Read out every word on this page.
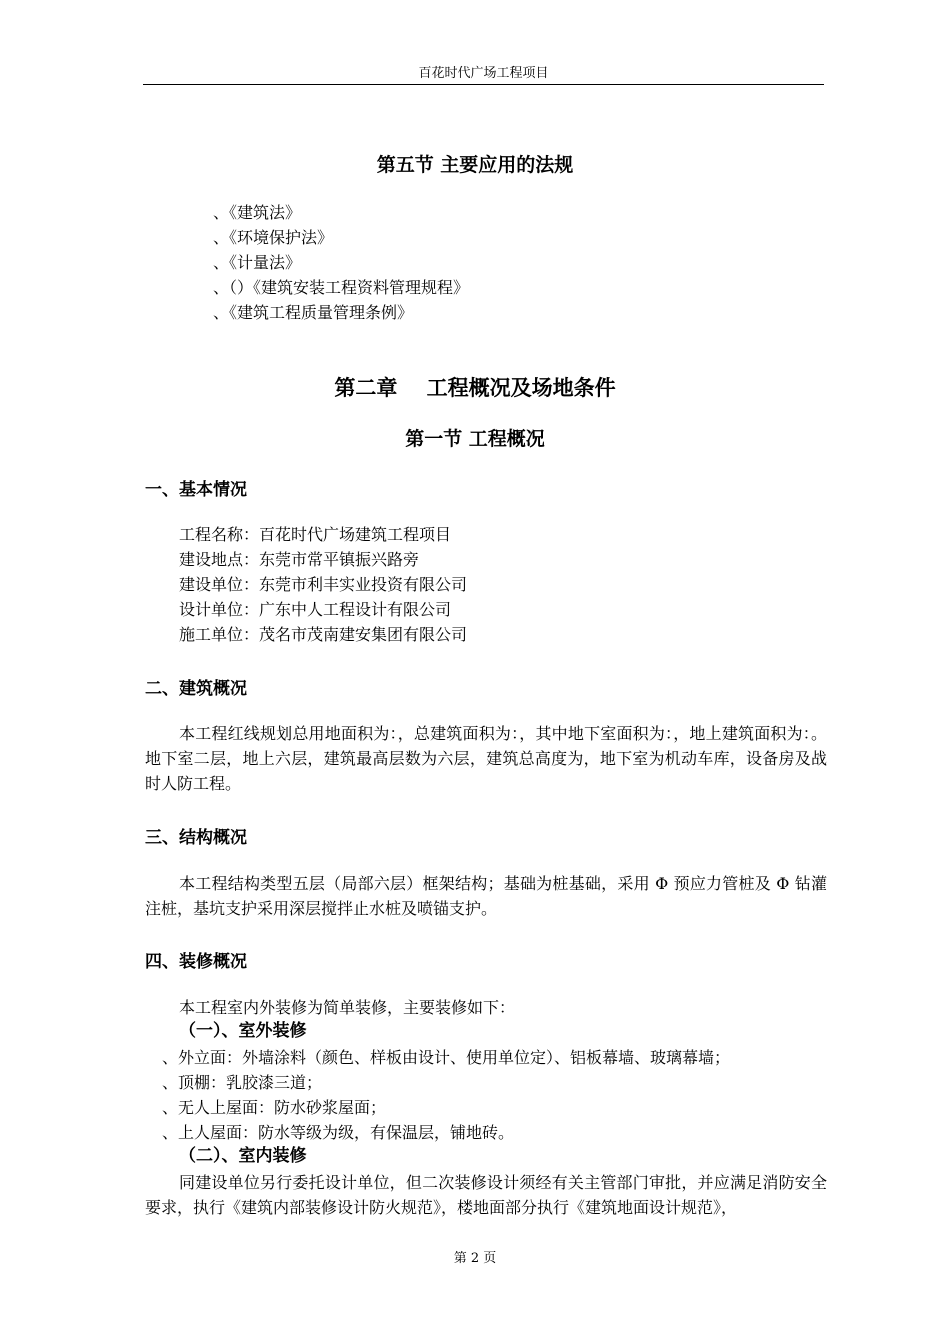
百花时代广场工程项目
第五节 主要应用的法规
、《建筑法》
、《环境保护法》
、《计量法》
、（）《建筑安装工程资料管理规程》
、《建筑工程质量管理条例》
第二章    工程概况及场地条件
第一节 工程概况
一、基本情况
工程名称：百花时代广场建筑工程项目
建设地点：东莞市常平镇振兴路旁
建设单位：东莞市利丰实业投资有限公司
设计单位：广东中人工程设计有限公司
施工单位：茂名市茂南建安集团有限公司
二、建筑概况

本工程红线规划总用地面积为：，总建筑面积为：，其中地下室面积为：，地上建筑面积为：。地下室二层，地上六层，建筑最高层数为六层，建筑总高度为，地下室为机动车库，设备房及战时人防工程。

三、结构概况

本工程结构类型五层（局部六层）框架结构；基础为桩基础，采用 Φ 预应力管桩及 Φ 钻灌注桩，基坑支护采用深层搅拌止水桩及喷锚支护。

四、装修概况
本工程室内外装修为简单装修，主要装修如下：
（一）、室外装修
、外立面：外墙涂料（颜色、样板由设计、使用单位定）、铝板幕墙、玻璃幕墙；
、顶棚：乳胶漆三道；
、无人上屋面：防水砂浆屋面；
、上人屋面：防水等级为级，有保温层，铺地砖。
（二）、室内装修

同建设单位另行委托设计单位，但二次装修设计须经有关主管部门审批，并应满足消防安全要求，执行《建筑内部装修设计防火规范》，楼地面部分执行《建筑地面设计规范》，

第 2 页
